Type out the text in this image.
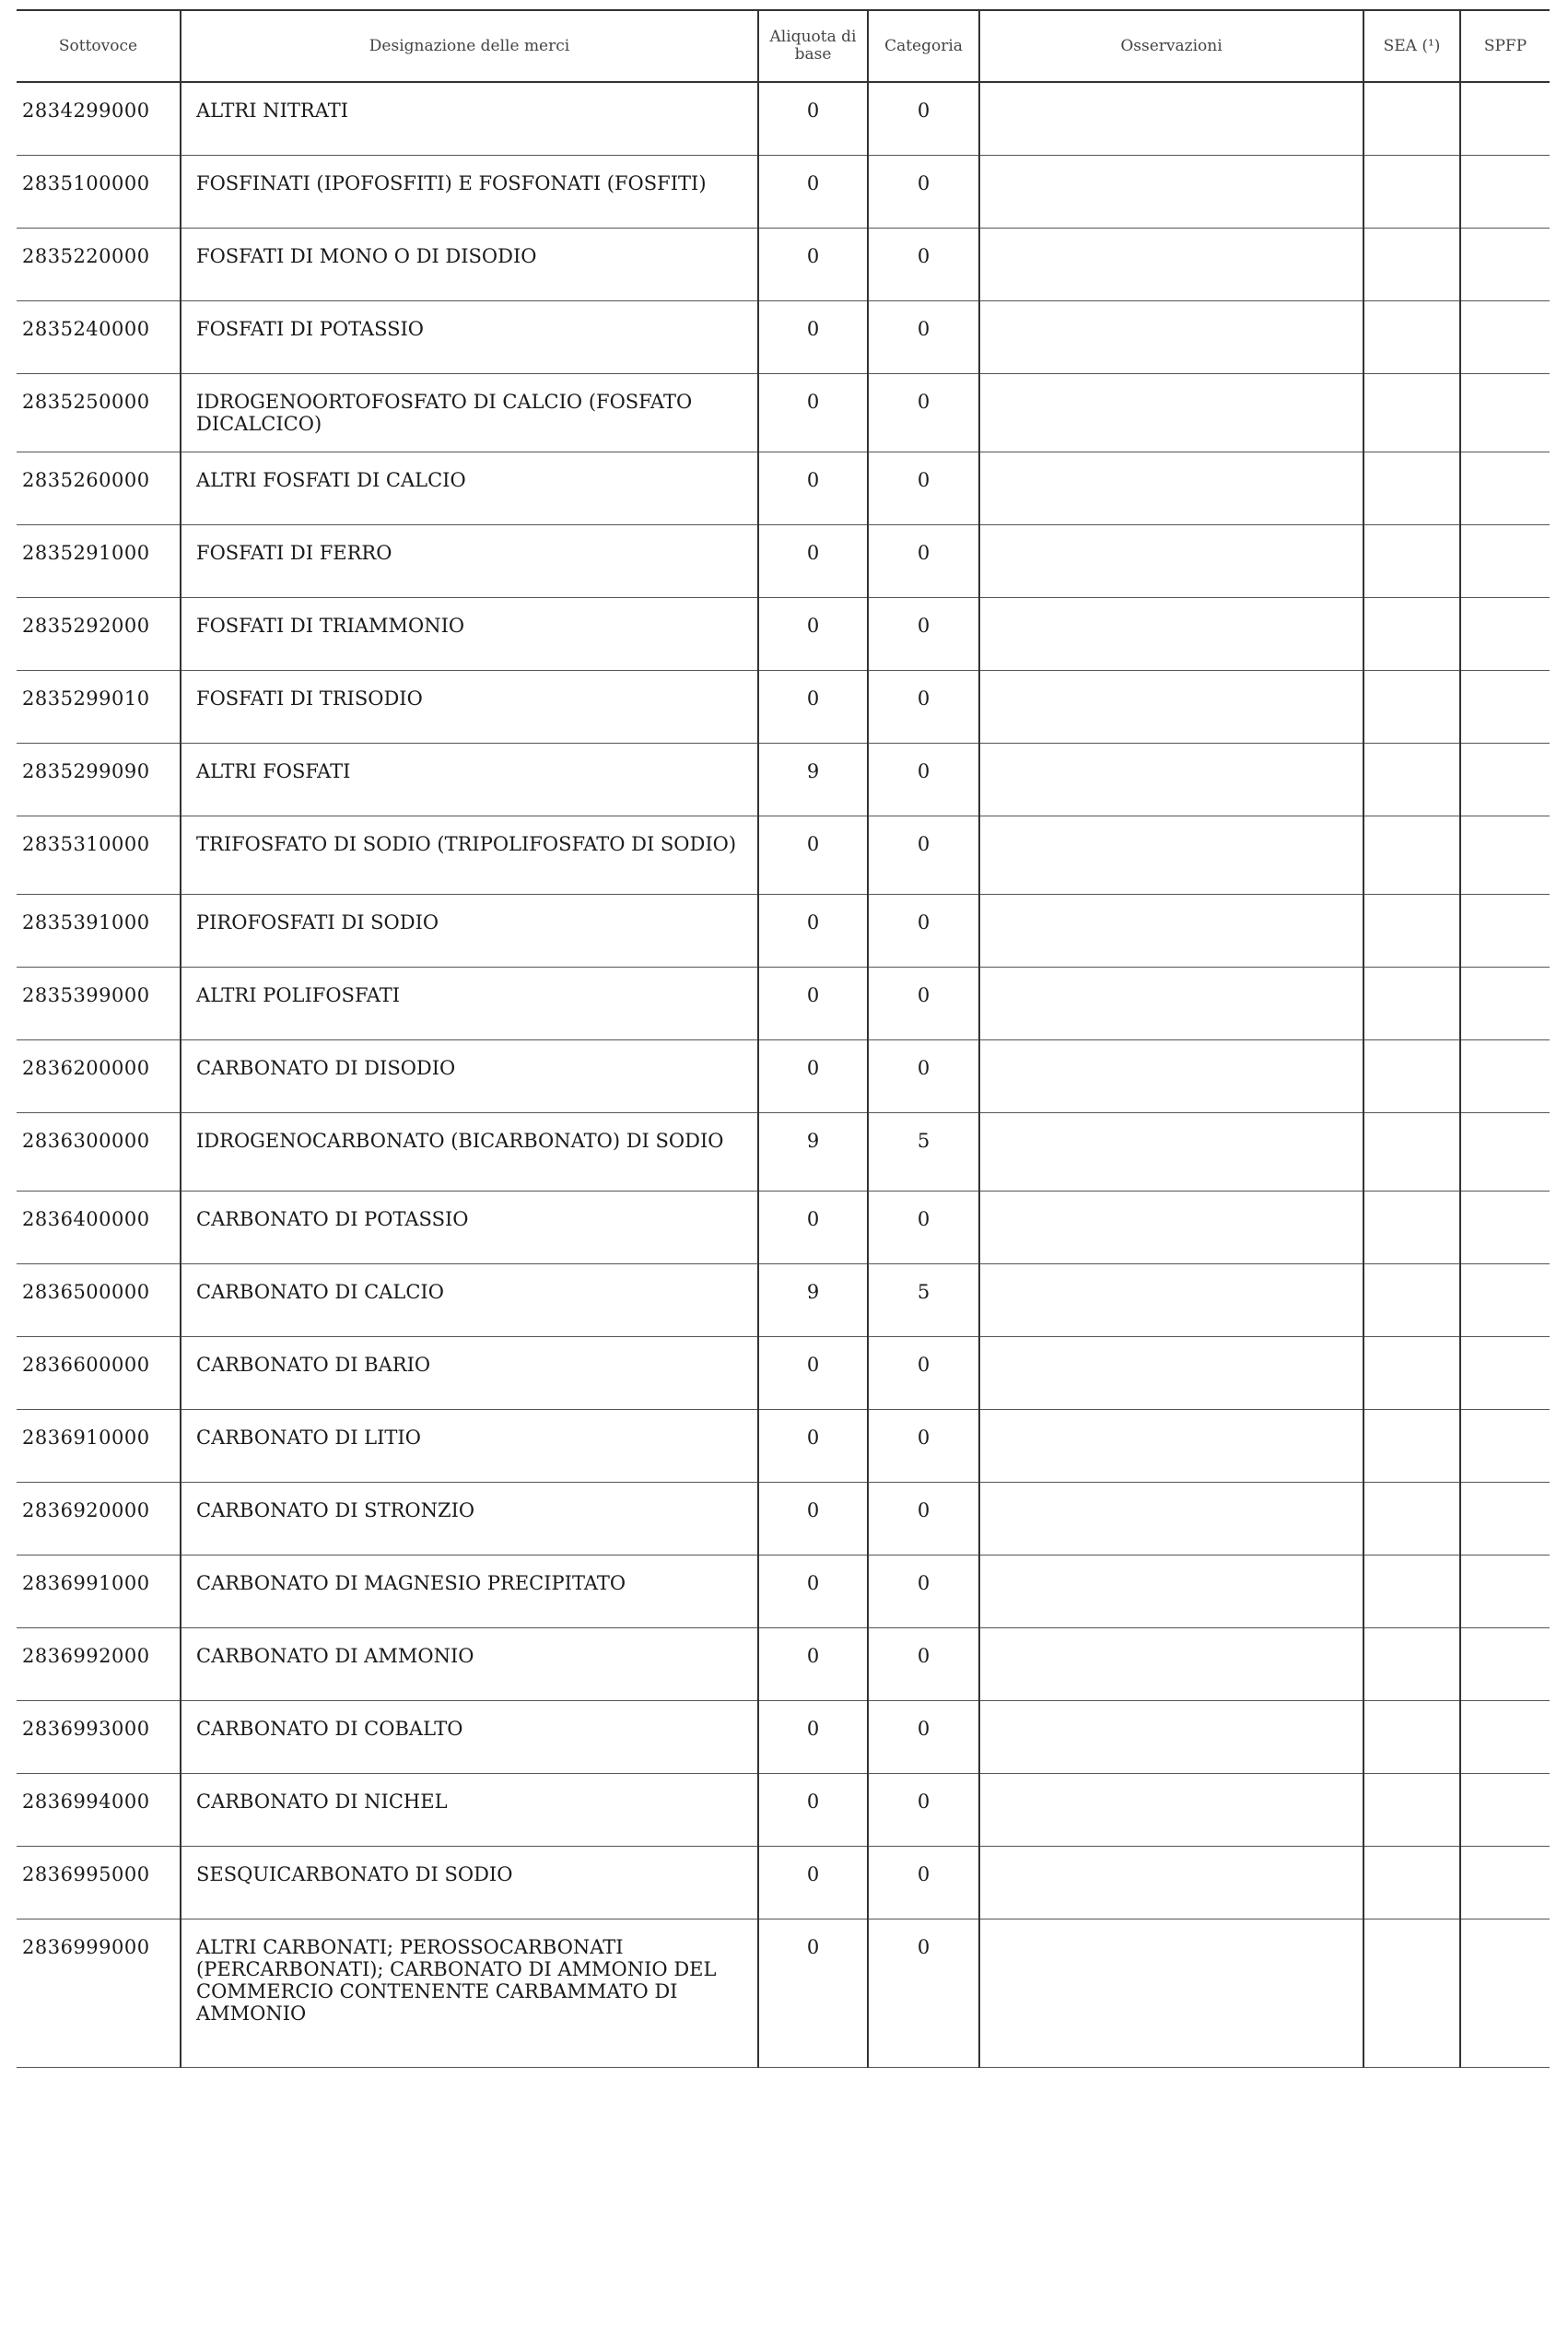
Sottovoce	Designazione delle merci	Aliquota di base	Categoria	Osservazioni	SEA (¹)	SPFP
2834299000	ALTRI NITRATI	0	0			
2835100000	FOSFINATI (IPOFOSFITI) E FOSFONATI (FOSFITI)	0	0			
2835220000	FOSFATI DI MONO O DI DISODIO	0	0			
2835240000	FOSFATI DI POTASSIO	0	0			
2835250000	IDROGENOORTOFOSFATO DI CALCIO (FOSFATO DICALCICO)	0	0			
2835260000	ALTRI FOSFATI DI CALCIO	0	0			
2835291000	FOSFATI DI FERRO	0	0			
2835292000	FOSFATI DI TRIAMMONIO	0	0			
2835299010	FOSFATI DI TRISODIO	0	0			
2835299090	ALTRI FOSFATI	9	0			
2835310000	TRIFOSFATO DI SODIO (TRIPOLIFOSFATO DI SODIO)	0	0			
2835391000	PIROFOSFATI DI SODIO	0	0			
2835399000	ALTRI POLIFOSFATI	0	0			
2836200000	CARBONATO DI DISODIO	0	0			
2836300000	IDROGENOCARBONATO (BICARBONATO) DI SODIO	9	5			
2836400000	CARBONATO DI POTASSIO	0	0			
2836500000	CARBONATO DI CALCIO	9	5			
2836600000	CARBONATO DI BARIO	0	0			
2836910000	CARBONATO DI LITIO	0	0			
2836920000	CARBONATO DI STRONZIO	0	0			
2836991000	CARBONATO DI MAGNESIO PRECIPITATO	0	0			
2836992000	CARBONATO DI AMMONIO	0	0			
2836993000	CARBONATO DI COBALTO	0	0			
2836994000	CARBONATO DI NICHEL	0	0			
2836995000	SESQUICARBONATO DI SODIO	0	0			
2836999000	ALTRI CARBONATI; PEROSSOCARBONATI (PERCARBONATI); CARBONATO DI AMMONIO DEL COMMERCIO CONTENENTE CARBAMMATO DI AMMONIO	0	0			
